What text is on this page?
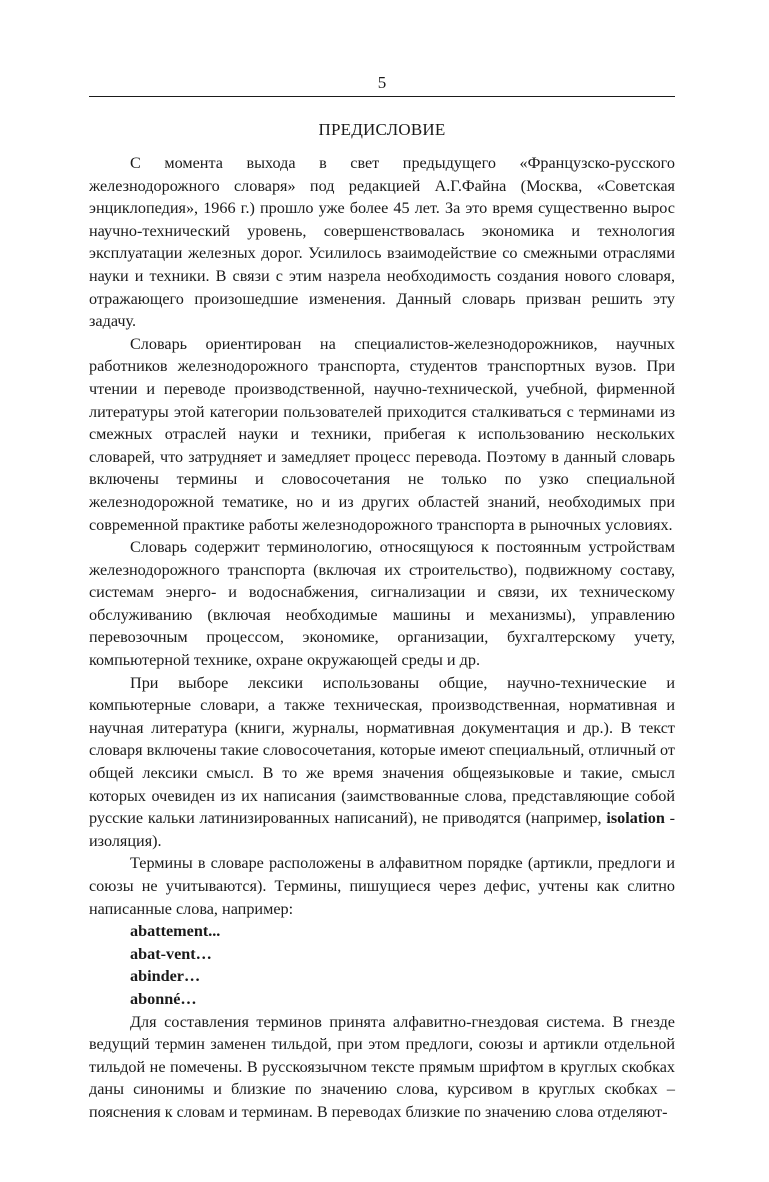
5
ПРЕДИСЛОВИЕ

С момента выхода в свет предыдущего «Французско-русского железнодорожного словаря» под редакцией А.Г.Файна (Москва, «Советская энциклопедия», 1966 г.) прошло уже более 45 лет. За это время существенно вырос научно-технический уровень, совершенствовалась экономика и технология эксплуатации железных дорог. Усилилось взаимодействие со смежными отраслями науки и техники. В связи с этим назрела необходимость создания нового словаря, отражающего произошедшие изменения. Данный словарь призван решить эту задачу.

Словарь ориентирован на специалистов-железнодорожников, научных работников железнодорожного транспорта, студентов транспортных вузов. При чтении и переводе производственной, научно-технической, учебной, фирменной литературы этой категории пользователей приходится сталкиваться с терминами из смежных отраслей науки и техники, прибегая к использованию нескольких словарей, что затрудняет и замедляет процесс перевода. Поэтому в данный словарь включены термины и словосочетания не только по узко специальной железнодорожной тематике, но и из других областей знаний, необходимых при современной практике работы железнодорожного транспорта в рыночных условиях.

Словарь содержит терминологию, относящуюся к постоянным устройствам железнодорожного транспорта (включая их строительство), подвижному составу, системам энерго- и водоснабжения, сигнализации и связи, их техническому обслуживанию (включая необходимые машины и механизмы), управлению перевозочным процессом, экономике, организации, бухгалтерскому учету, компьютерной технике, охране окружающей среды и др.

При выборе лексики использованы общие, научно-технические и компьютерные словари, а также техническая, производственная, нормативная и научная литература (книги, журналы, нормативная документация и др.). В текст словаря включены такие словосочетания, которые имеют специальный, отличный от общей лексики смысл. В то же время значения общеязыковые и такие, смысл которых очевиден из их написания (заимствованные слова, представляющие собой русские кальки латинизированных написаний), не приводятся (например, isolation - изоляция).

Термины в словаре расположены в алфавитном порядке (артикли, предлоги и союзы не учитываются). Термины, пишущиеся через дефис, учтены как слитно написанные слова, например:

abattement...

abat-vent…

abinder…

abonné…

Для составления терминов принята алфавитно-гнездовая система. В гнезде ведущий термин заменен тильдой, при этом предлоги, союзы и артикли отдельной тильдой не помечены. В русскоязычном тексте прямым шрифтом в круглых скобках даны синонимы и близкие по значению слова, курсивом в круглых скобках – пояснения к словам и терминам. В переводах близкие по значению слова отделяют-
